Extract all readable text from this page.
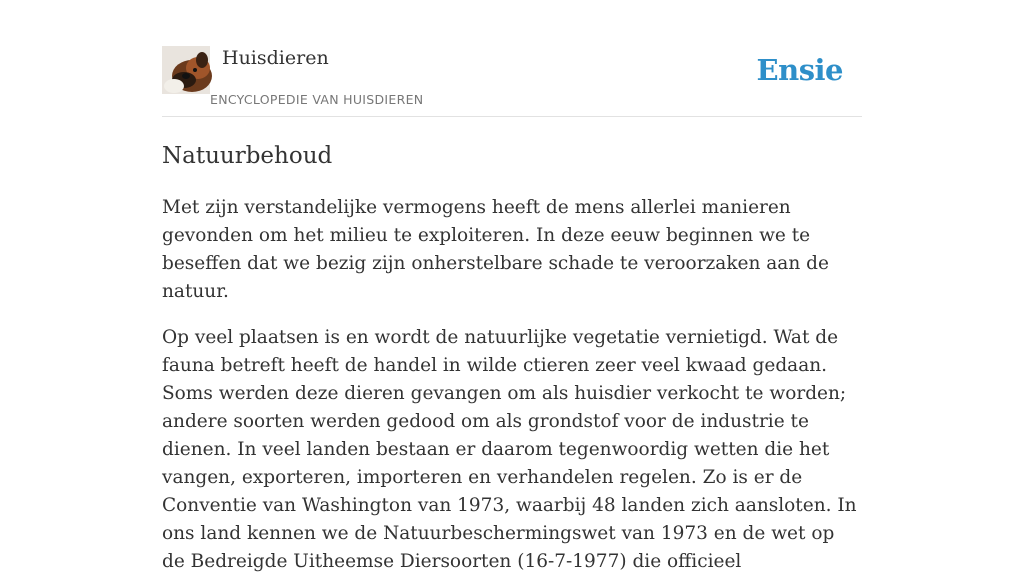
Huisdieren
ENCYCLOPEDIE VAN HUISDIEREN
Ensie
Natuurbehoud

Met zijn verstandelijke vermogens heeft de mens allerlei manieren gevonden om het milieu te exploiteren. In deze eeuw beginnen we te beseffen dat we bezig zijn onherstelbare schade te veroorzaken aan de natuur.

Op veel plaatsen is en wordt de natuurlijke vegetatie vernietigd. Wat de fauna betreft heeft de handel in wilde ctieren zeer veel kwaad gedaan. Soms werden deze dieren gevangen om als huisdier verkocht te worden; andere soorten werden gedood om als grondstof voor de industrie te dienen. In veel landen bestaan er daarom tegenwoordig wetten die het vangen, exporteren, importeren en verhandelen regelen. Zo is er de Conventie van Washington van 1973, waarbij 48 landen zich aansloten. In ons land kennen we de Natuurbeschermingswet van 1973 en de wet op de Bedreigde Uitheemse Diersoorten (16-7-1977) die officieel
